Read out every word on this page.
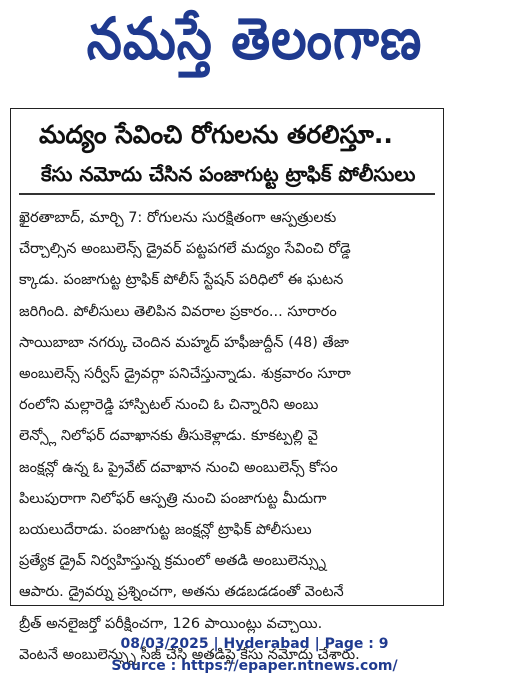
నమస్తే తెలంగాణ
మద్యం సేవించి రోగులను తరలిస్తూ..
కేసు నమోదు చేసిన పంజాగుట్ట ట్రాఫిక్ పోలీసులు
ఖైరతాబాద్, మార్చి 7: రోగులను సురక్షితంగా ఆస్పత్రులకు
చేర్చాల్సిన అంబులెన్స్ డ్రైవర్ పట్టపగలే మద్యం సేవించి రోడ్డె
క్కాడు. పంజాగుట్ట ట్రాఫిక్ పోలీస్ స్టేషన్ పరిధిలో ఈ ఘటన
జరిగింది. పోలీసులు తెలిపిన వివరాల ప్రకారం... సూరారం
సాయిబాబా నగర్కు చెందిన మహ్మద్ హఫీజుద్దీన్ (48) తేజా
అంబులెన్స్ సర్వీస్ డ్రైవర్గా పనిచేస్తున్నాడు. శుక్రవారం సూరా
రంలోని మల్లారెడ్డి హాస్పిటల్ నుంచి ఓ చిన్నారిని అంబు
లెన్స్లో నిలోఫర్ దవాఖానకు తీసుకెళ్లాడు. కూకట్పల్లి వై
జంక్షన్లో ఉన్న ఓ ప్రైవేట్ దవాఖాన నుంచి అంబులెన్స్ కోసం
పిలుపురాగా నిలోఫర్ ఆస్పత్రి నుంచి పంజాగుట్ట మీదుగా
బయలుదేరాడు. పంజాగుట్ట జంక్షన్లో ట్రాఫిక్ పోలీసులు
ప్రత్యేక డ్రైవ్ నిర్వహిస్తున్న క్రమంలో అతడి అంబులెన్స్ను
ఆపారు. డ్రైవర్ను ప్రశ్నించగా, అతను తడబడడంతో వెంటనే
బ్రీత్ అనలైజర్తో పరీక్షించగా, 126 పాయింట్లు వచ్చాయి.
వెంటనే అంబులెన్స్ను సీజ్ చేసి అతడిపై కేసు నమోదు చేశారు.
08/03/2025 | Hyderabad | Page : 9
Source : https://epaper.ntnews.com/
